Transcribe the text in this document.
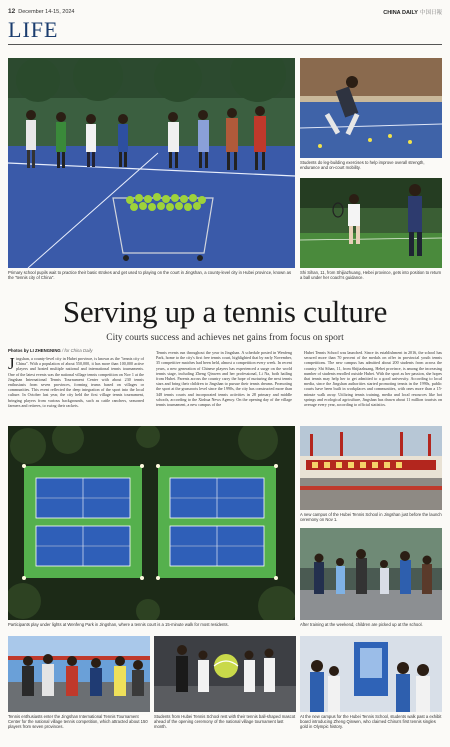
12 December 14-15, 2024	CHINA DAILY 中国日報
LIFE
Primary school pupils wait to practice their basic strokes and get used to playing on the court in Jingshan, a county-level city in Hubei province, known as the "tennis city of China".
Students do leg-building exercises to help improve overall strength, endurance and on-court mobility.
Shi Sihan, 11, from Shijiazhuang, Hebei province, gets into position to return a ball under her coach's guidance.
Serving up a tennis culture
City courts success and achieves net gains from focus on sport
Photos by LI ZHENGNING / for China Daily
Jingshan, a county-level city in Hubei province, is known as the "tennis city of China". With a population of about 550,000, it has more than 100,000 active players and hosted multiple national and international tennis tournaments. One of the latest events was the national village tennis competition on Nov 1 at the Jingshan International Tennis Tournament Center with about 230 tennis enthusiasts from seven provinces, forming teams based on villages or communities. This event reflected the deep integration of the sport into the local culture. In October last year, the city held the first village tennis tournament, bringing players from various backgrounds, such as cattle ranchers, seasoned farmers and retirees, to swing their rackets.
Tennis events run throughout the year in Jingshan. A schedule posted in Wenfeng Park, home to the city's first free tennis court, highlighted that by early November, 35 competitive matches had been held, almost a competition every week. In recent years, a new generation of Chinese players has experienced a surge on the world tennis stage, including Zheng Qinwen and her professional, Li Na, both hailing from Hubei. Parents across the country carry the hope of nurturing the next tennis stars and bring their children to Jingshan to pursue their tennis dreams. Promoting the sport at the grassroots level since the 1990s, the city has constructed more than 348 tennis courts and incorporated tennis activities in 28 primary and middle schools, according to the Xinhua News Agency. On the opening day of the village tennis tournament, a new campus of the
Hubei Tennis School was launched. Since its establishment in 2016, the school has secured more than 70 percent of the medals on offer in provincial youth tennis competitions. The new campus has admitted about 200 students from across the country. Shi Sihan, 11, from Shijiazhuang, Hebei province, is among the increasing number of students enrolled outside Hubei. With the sport as her passion, she hopes that tennis may help her to get admitted to a good university. According to local media, since the Jingshan authorities started promoting tennis in the 1990s, public courts have been built in workplaces and communities, with ones more than a 15-minute walk away. Utilizing tennis training, media and local resources like hot springs and ecological agriculture, Jingshan has drawn about 11 million tourists on average every year, according to official statistics.
Participants play under lights at Wenfeng Park in Jingshan, where a tennis court is a 15-minute walk for most residents.
A new campus of the Hubei Tennis School in Jingshan just before the launch ceremony on Nov 1.
After training at the weekend, children are picked up at the school.
Tennis enthusiasts enter the Jingshan International Tennis Tournament Center for the national village tennis competition, which attracted about 150 players from seven provinces.
Students from Hubei Tennis School rest with their tennis ball-shaped mascot ahead of the opening ceremony of the national village tournament last month.
At the new campus for the Hubei Tennis School, students walk past a exhibit board introducing Zheng Qinwen, who claimed China's first tennis singles gold in Olympic history.
